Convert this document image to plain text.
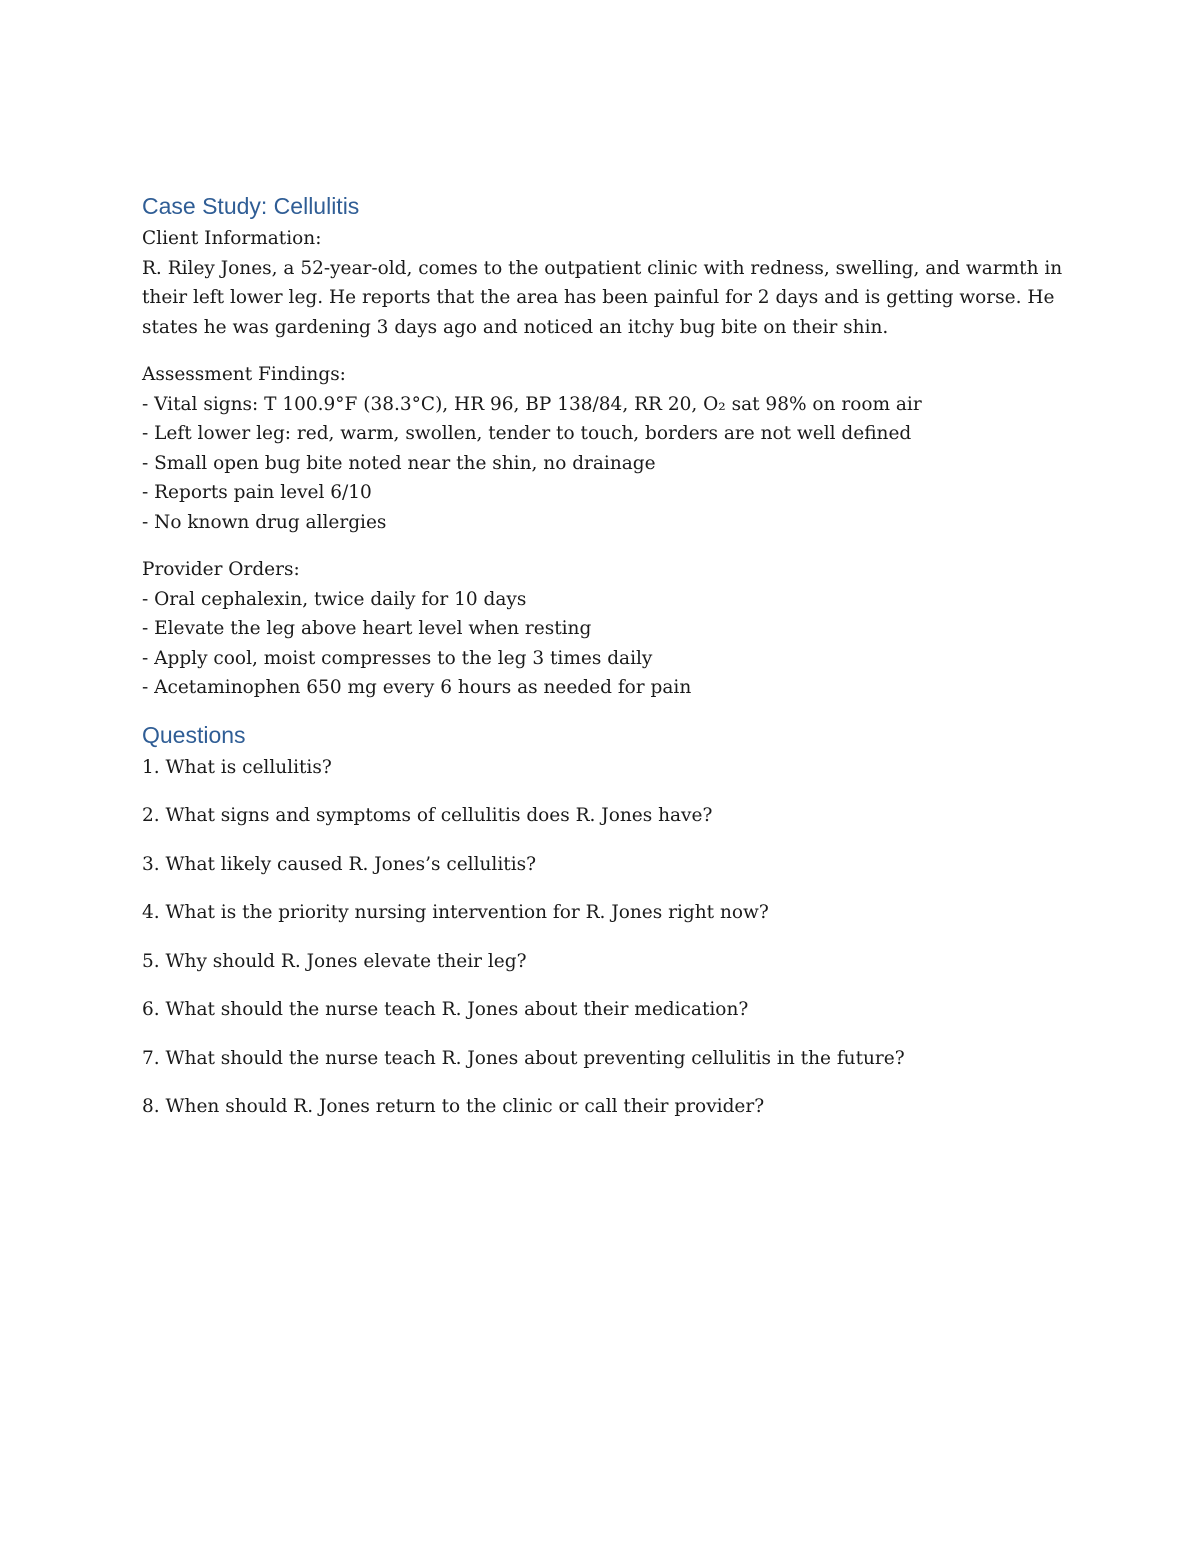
Case Study: Cellulitis

Client Information:

R. Riley Jones, a 52-year-old, comes to the outpatient clinic with redness, swelling, and warmth in their left lower leg. He reports that the area has been painful for 2 days and is getting worse. He states he was gardening 3 days ago and noticed an itchy bug bite on their shin.

Assessment Findings:

- Vital signs: T 100.9°F (38.3°C), HR 96, BP 138/84, RR 20, O₂ sat 98% on room air

- Left lower leg: red, warm, swollen, tender to touch, borders are not well defined

- Small open bug bite noted near the shin, no drainage

- Reports pain level 6/10

- No known drug allergies

Provider Orders:

- Oral cephalexin, twice daily for 10 days

- Elevate the leg above heart level when resting

- Apply cool, moist compresses to the leg 3 times daily

- Acetaminophen 650 mg every 6 hours as needed for pain

Questions

1. What is cellulitis?

2. What signs and symptoms of cellulitis does R. Jones have?

3. What likely caused R. Jones’s cellulitis?

4. What is the priority nursing intervention for R. Jones right now?

5. Why should R. Jones elevate their leg?

6. What should the nurse teach R. Jones about their medication?

7. What should the nurse teach R. Jones about preventing cellulitis in the future?

8. When should R. Jones return to the clinic or call their provider?
